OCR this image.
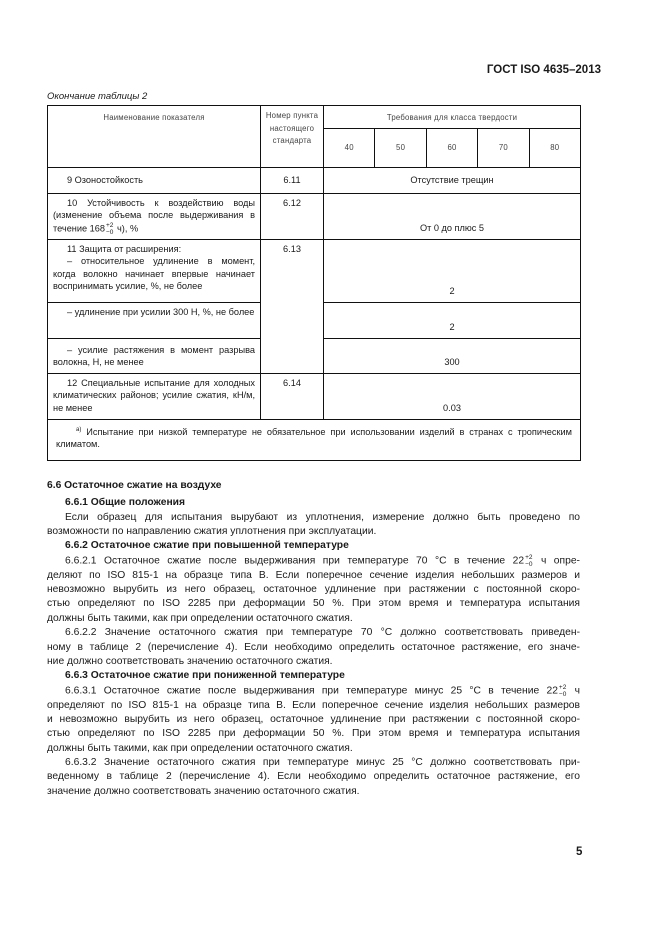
ГОСТ ISO 4635–2013
Окончание таблицы 2
Наименование показателя	Номер пункта настоящего стандарта	Требования для класса твердости				
		40	50	60	70	80
9 Озоностойкость	6.11	Отсутствие трещин				
10 Устойчивость к воздействию воды (изменение объема после выдерживания в течение 168 +2
−0 ч), %	6.12	От 0 до плюс 5				

11 Защита от расширения:
– относительное удлинение в момент, когда волокно начинает впервые начинает воспринимать усилие, %, не более	6.13	2				
– удлинение при усилии 300 Н, %, не более		2				
– усилие растяжения в момент разрыва волокна, Н, не менее		300				
12 Специальные испытание для холодных климатических районов; усилие сжатия, кН/м, не менее	6.14	0.03				
$^{а)}$ Испытание при низкой температуре не обязательное при использовании изделий в странах с тропическим климатом.						
6.6 Остаточное сжатие на воздухе
6.6.1 Общие положения
Если образец для испытания вырубают из уплотнения, измерение должно быть проведено по
возможности по направлению сжатия уплотнения при эксплуатации.
6.6.2 Остаточное сжатие при повышенной температуре
6.6.2.1 Остаточное сжатие после выдерживания при температуре 70 °С в течение 22 +2
−0 ч опре-
деляют по ISO 815-1 на образце типа В. Если поперечное сечение изделия небольших размеров и
невозможно вырубить из него образец, остаточное удлинение при растяжении с постоянной скоро-
стью определяют по ISO 2285 при деформации 50 %. При этом время и температура испытания
должны быть такими, как при определении остаточного сжатия.
6.6.2.2 Значение остаточного сжатия при температуре 70 °С должно соответствовать приведен-
ному в таблице 2 (перечисление 4). Если необходимо определить остаточное растяжение, его значе-
ние должно соответствовать значению остаточного сжатия.
6.6.3 Остаточное сжатие при пониженной температуре
6.6.3.1 Остаточное сжатие после выдерживания при температуре минус 25 °С в течение 22 +2
−0 ч
определяют по ISO 815-1 на образце типа В. Если поперечное сечение изделия небольших размеров
и невозможно вырубить из него образец, остаточное удлинение при растяжении с постоянной скоро-
стью определяют по ISO 2285 при деформации 50 %. При этом время и температура испытания
должны быть такими, как при определении остаточного сжатия.
6.6.3.2 Значение остаточного сжатия при температуре минус 25 °С должно соответствовать при-
веденному в таблице 2 (перечисление 4). Если необходимо определить остаточное растяжение, его
значение должно соответствовать значению остаточного сжатия.
5
